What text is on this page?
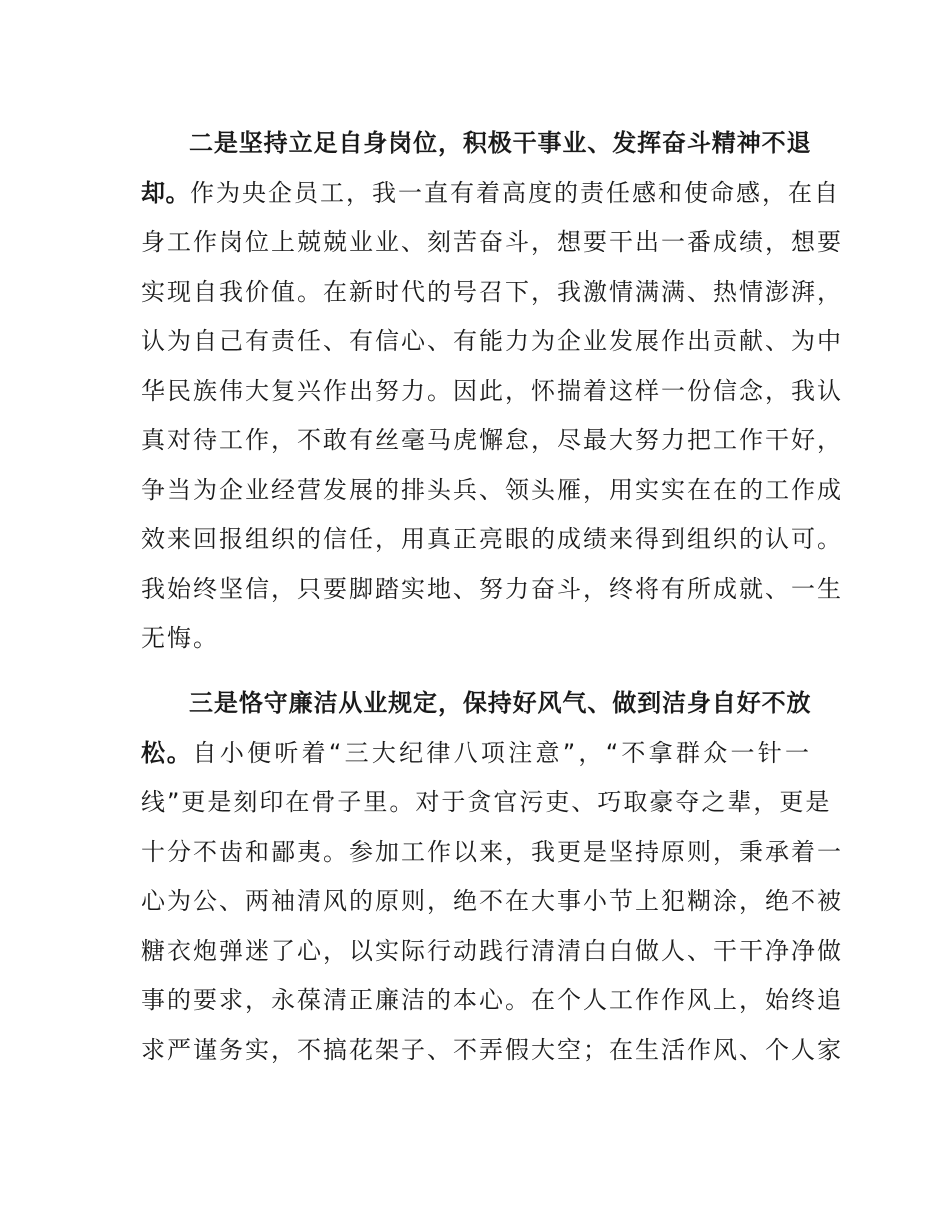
二是坚持立足自身岗位，积极干事业、发挥奋斗精神不退
却。作为央企员工，我一直有着高度的责任感和使命感，在自
身工作岗位上兢兢业业、刻苦奋斗，想要干出一番成绩，想要
实现自我价值。在新时代的号召下，我激情满满、热情澎湃，
认为自己有责任、有信心、有能力为企业发展作出贡献、为中
华民族伟大复兴作出努力。因此，怀揣着这样一份信念，我认
真对待工作，不敢有丝毫马虎懈怠，尽最大努力把工作干好，
争当为企业经营发展的排头兵、领头雁，用实实在在的工作成
效来回报组织的信任，用真正亮眼的成绩来得到组织的认可。
我始终坚信，只要脚踏实地、努力奋斗，终将有所成就、一生
无悔。
三是恪守廉洁从业规定，保持好风气、做到洁身自好不放
松。自小便听着“三大纪律八项注意”，“不拿群众一针一
线”更是刻印在骨子里。对于贪官污吏、巧取豪夺之辈，更是
十分不齿和鄙夷。参加工作以来，我更是坚持原则，秉承着一
心为公、两袖清风的原则，绝不在大事小节上犯糊涂，绝不被
糖衣炮弹迷了心，以实际行动践行清清白白做人、干干净净做
事的要求，永葆清正廉洁的本心。在个人工作作风上，始终追
求严谨务实，不搞花架子、不弄假大空；在生活作风、个人家
